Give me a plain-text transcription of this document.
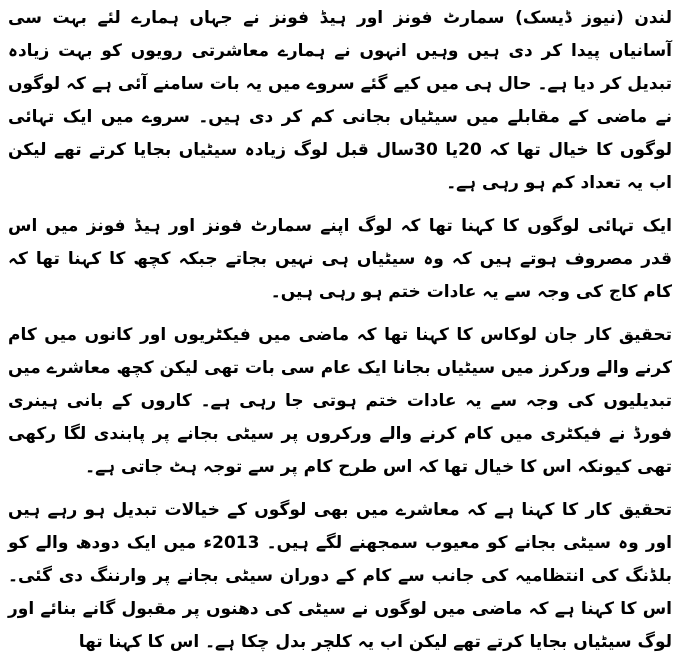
لندن (نیوز ڈیسک) سمارٹ فونز اور ہیڈ فونز نے جہاں ہمارے لئے بہت سی آسانیاں پیدا کر دی ہیں وہیں انہوں نے ہمارے معاشرتی رویوں کو بہت زیادہ تبدیل کر دیا ہے۔ حال ہی میں کیے گئے سروے میں یہ بات سامنے آئی ہے کہ لوگوں نے ماضی کے مقابلے میں سیٹیاں بجانی کم کر دی ہیں۔ سروے میں ایک تہائی لوگوں کا خیال تھا کہ 20یا 30سال قبل لوگ زیادہ سیٹیاں بجایا کرتے تھے لیکن اب یہ تعداد کم ہو رہی ہے۔

ایک تہائی لوگوں کا کہنا تھا کہ لوگ اپنے سمارٹ فونز اور ہیڈ فونز میں اس قدر مصروف ہوتے ہیں کہ وہ سیٹیاں ہی نہیں بجاتے جبکہ کچھ کا کہنا تھا کہ کام کاج کی وجہ سے یہ عادات ختم ہو رہی ہیں۔

تحقیق کار جان لوکاس کا کہنا تھا کہ ماضی میں فیکٹریوں اور کانوں میں کام کرنے والے ورکرز میں سیٹیاں بجانا ایک عام سی بات تھی لیکن کچھ معاشرے میں تبدیلیوں کی وجہ سے یہ عادات ختم ہوتی جا رہی ہے۔ کاروں کے بانی ہینری فورڈ نے فیکٹری میں کام کرنے والے ورکروں پر سیٹی بجانے پر پابندی لگا رکھی تھی کیونکہ اس کا خیال تھا کہ اس طرح کام پر سے توجہ ہٹ جاتی ہے۔

تحقیق کار کا کہنا ہے کہ معاشرے میں بھی لوگوں کے خیالات تبدیل ہو رہے ہیں اور وہ سیٹی بجانے کو معیوب سمجھنے لگے ہیں۔ 2013ء میں ایک دودھ والے کو بلڈنگ کی انتظامیہ کی جانب سے کام کے دوران سیٹی بجانے پر وارننگ دی گئی۔ اس کا کہنا ہے کہ ماضی میں لوگوں نے سیٹی کی دھنوں پر مقبول گانے بنائے اور لوگ سیٹیاں بجایا کرتے تھے لیکن اب یہ کلچر بدل چکا ہے۔ اس کا کہنا تھا
